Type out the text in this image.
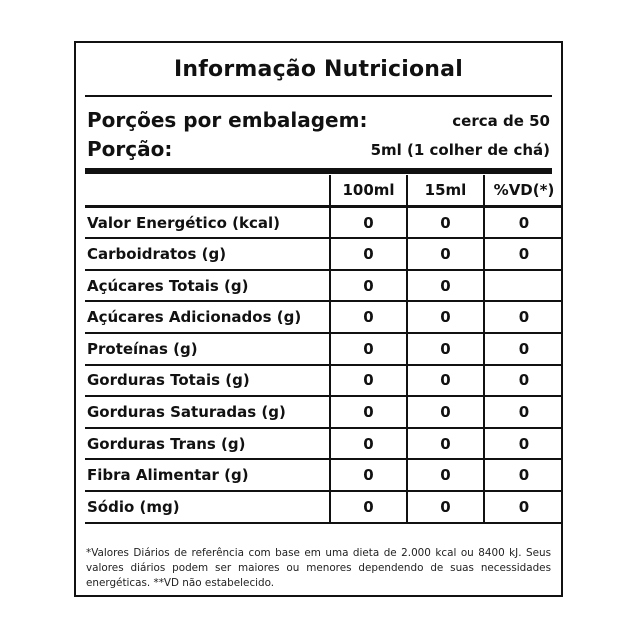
Informação Nutricional
Porções por embalagem:	cerca de 50
Porção:	5ml (1 colher de chá)
	100ml	15ml	%VD(*)
Valor Energético (kcal)	0	0	0
Carboidratos (g)	0	0	0
Açúcares Totais (g)	0	0	
Açúcares Adicionados (g)	0	0	0
Proteínas (g)	0	0	0
Gorduras Totais (g)	0	0	0
Gorduras Saturadas (g)	0	0	0
Gorduras Trans (g)	0	0	0
Fibra Alimentar (g)	0	0	0
Sódio (mg)	0	0	0
*Valores Diários de referência com base em uma dieta de 2.000 kcal ou 8400 kJ. Seus valores diários podem ser maiores ou menores dependendo de suas necessidades energéticas. **VD não estabelecido.
